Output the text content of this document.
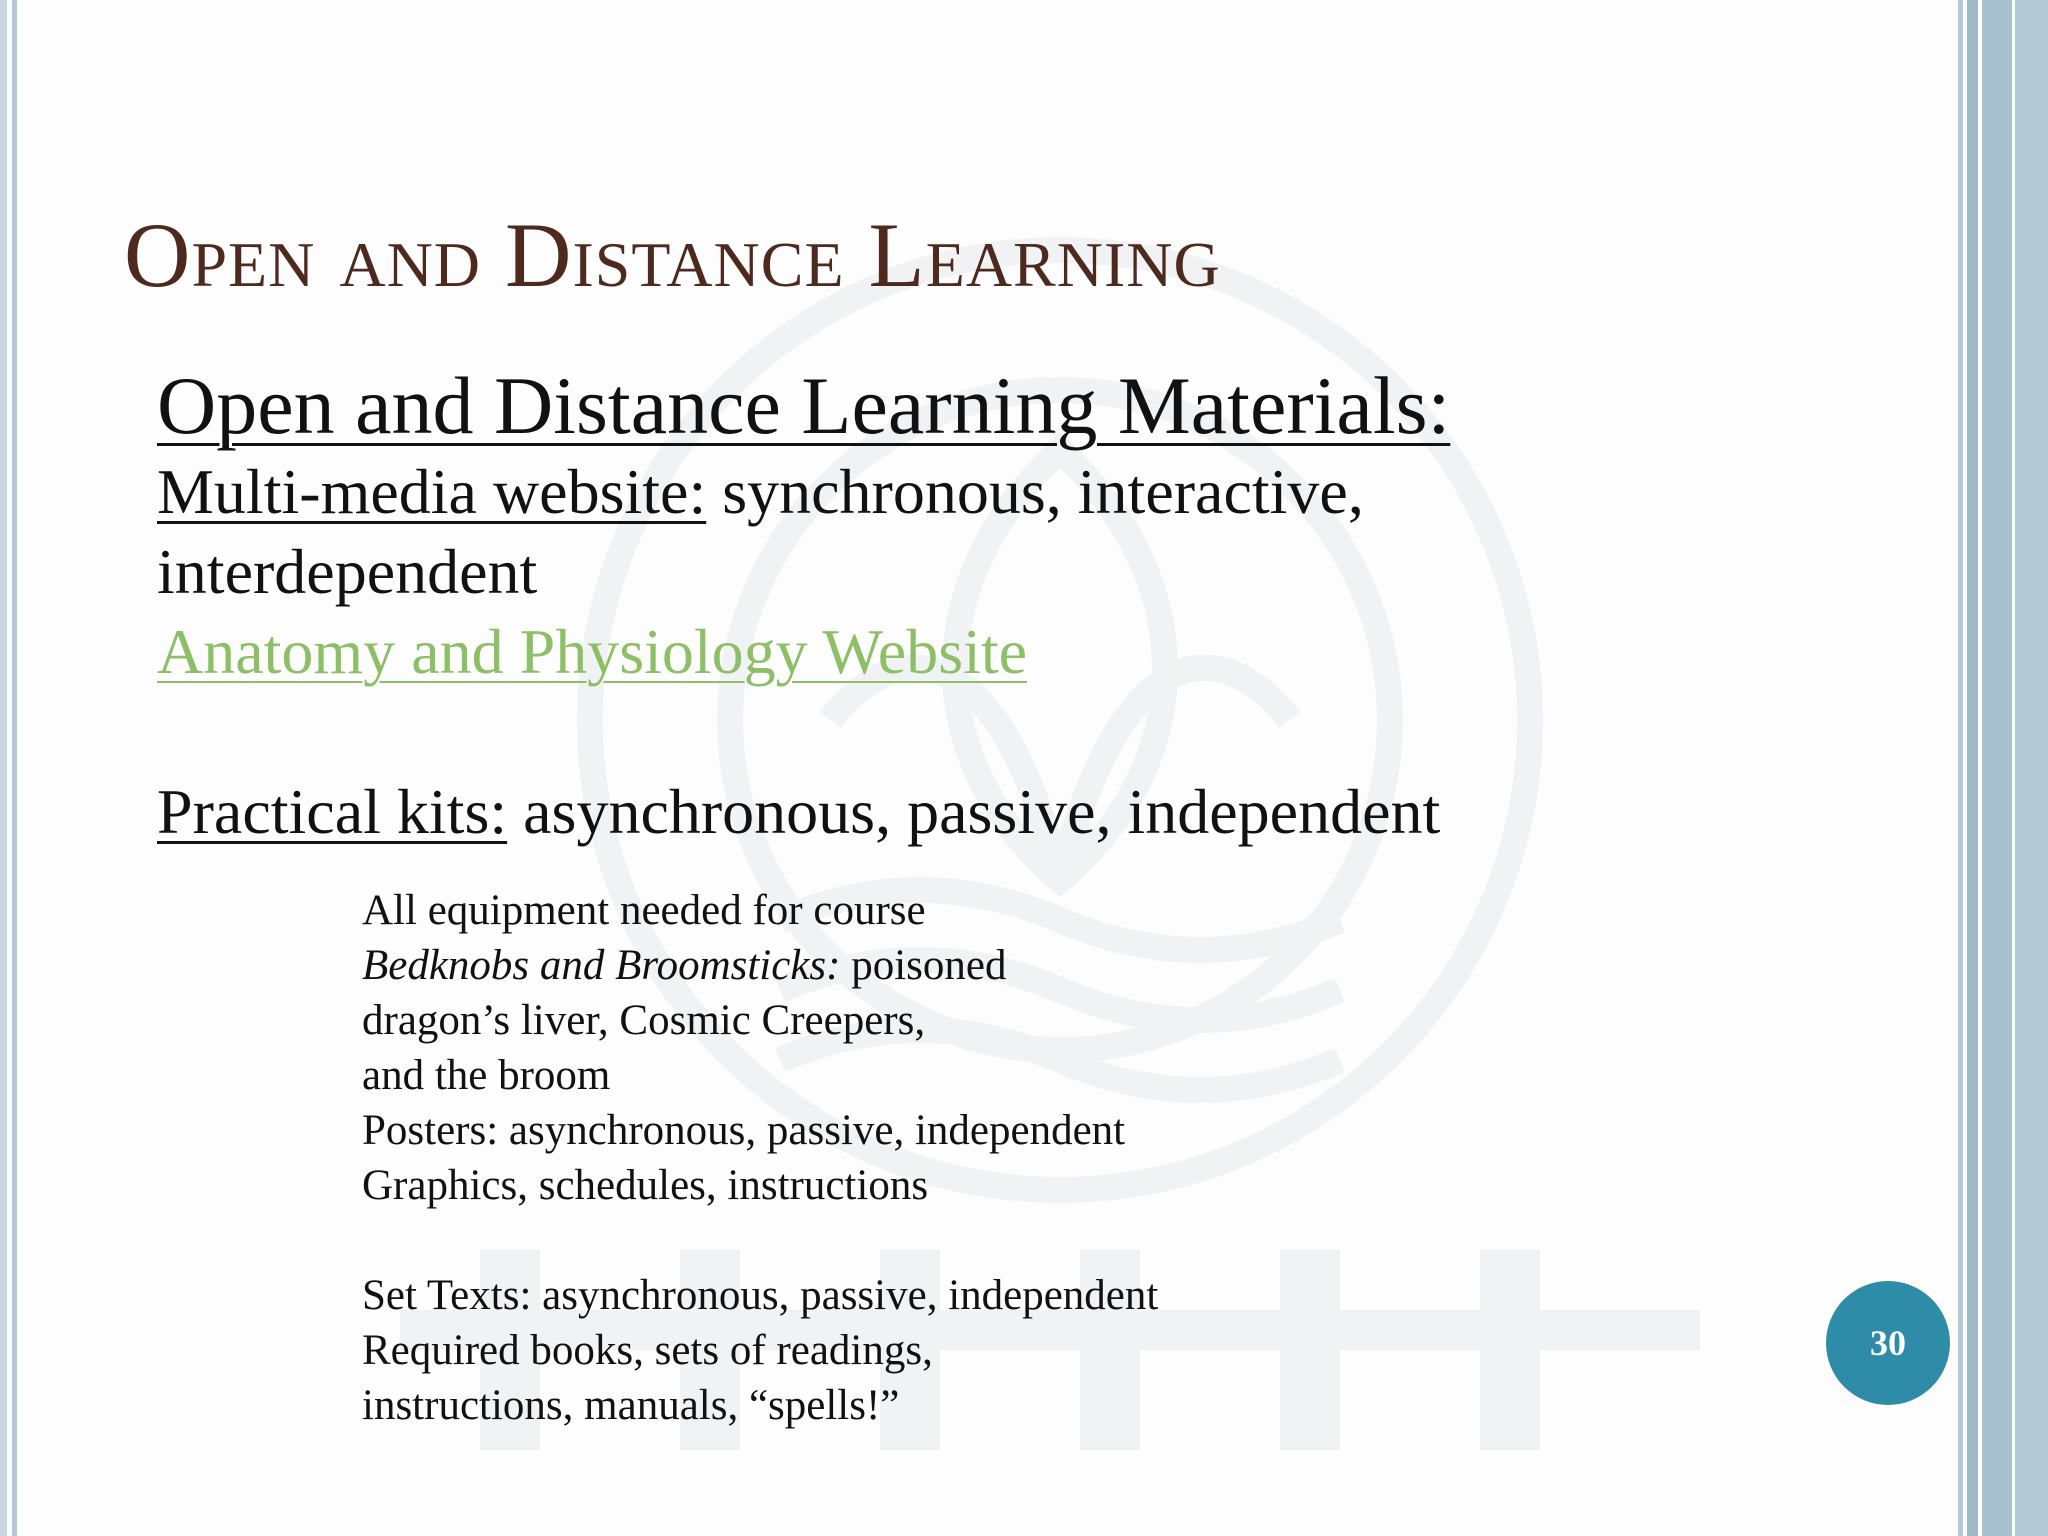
Open and Distance Learning
Open and Distance Learning Materials:
Multi-media website: synchronous, interactive,
interdependent
Anatomy and Physiology Website
Practical kits: asynchronous, passive, independent
All equipment needed for course
Bedknobs and Broomsticks: poisoned
dragon’s liver, Cosmic Creepers,
and the broom
Posters: asynchronous, passive, independent
Graphics, schedules, instructions
Set Texts: asynchronous, passive, independent
Required books, sets of readings,
instructions, manuals, “spells!”
30
